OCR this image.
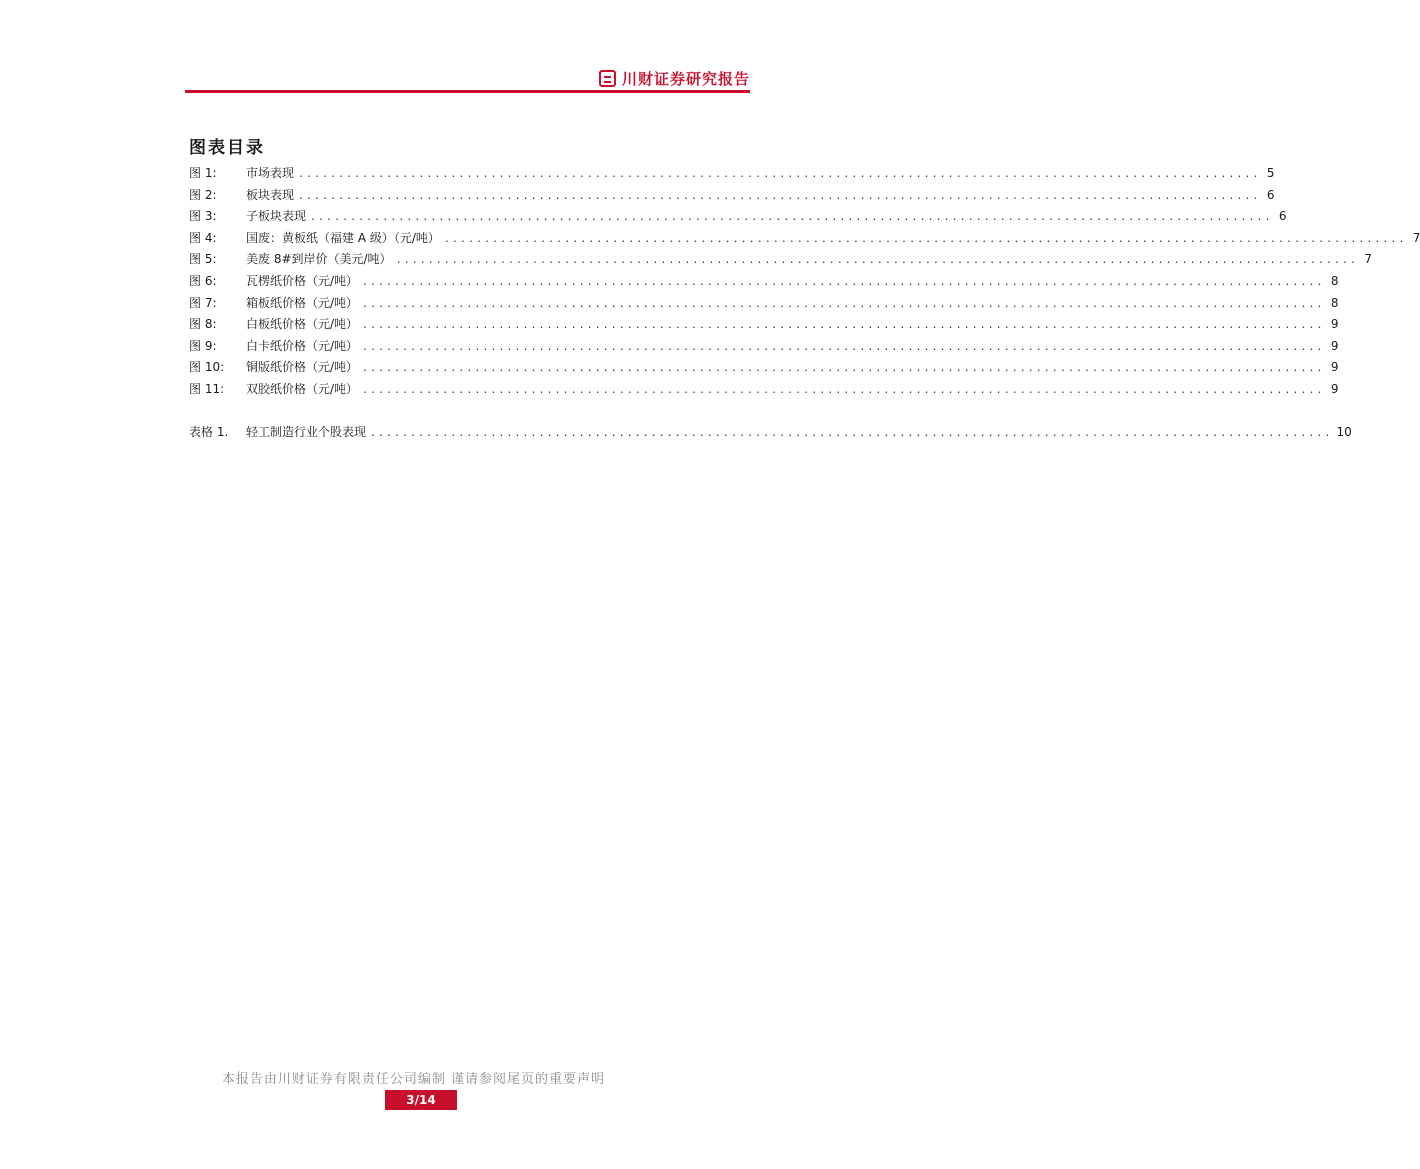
川财证券研究报告
图表目录
图 1:	市场表现 ........................................................................................................................ 5
图 2:	板块表现 ........................................................................................................................ 6
图 3:	子板块表现 ........................................................................................................................ 6
图 4:	国废：黄板纸（福建 A 级）（元/吨） ........................................................................................................................ 7
图 5:	美废 8#到岸价（美元/吨） ........................................................................................................................ 7
图 6:	瓦楞纸价格（元/吨） ........................................................................................................................ 8
图 7:	箱板纸价格（元/吨） ........................................................................................................................ 8
图 8:	白板纸价格（元/吨） ........................................................................................................................ 9
图 9:	白卡纸价格（元/吨） ........................................................................................................................ 9
图 10:	铜版纸价格（元/吨） ........................................................................................................................ 9
图 11:	双胶纸价格（元/吨） ........................................................................................................................ 9
表格 1.	轻工制造行业个股表现 ........................................................................................................................ 10
本报告由川财证券有限责任公司编制 谨请参阅尾页的重要声明
3/14
